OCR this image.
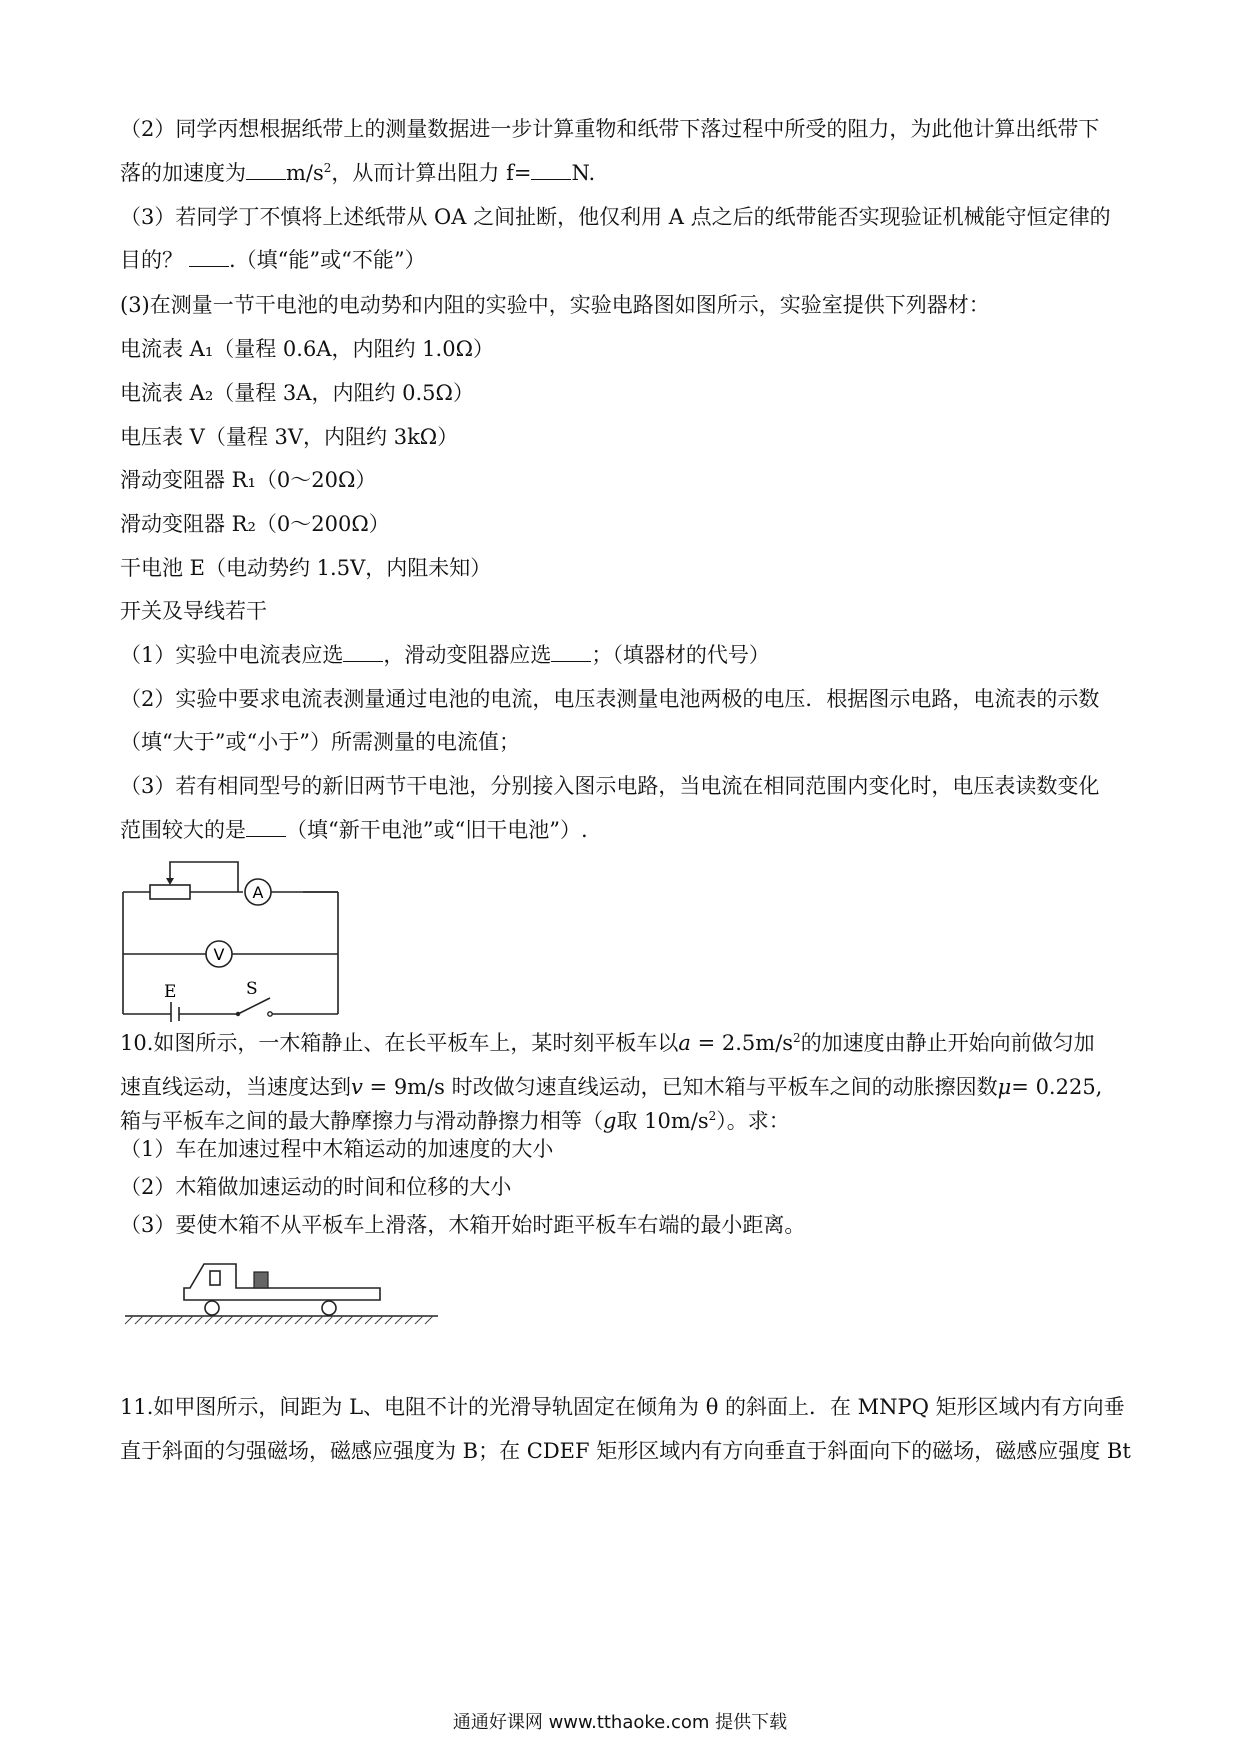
（2）同学丙想根据纸带上的测量数据进一步计算重物和纸带下落过程中所受的阻力，为此他计算出纸带下
落的加速度为 $m/s^2$，从而计算出阻力 f= N.
（3）若同学丁不慎将上述纸带从 OA 之间扯断，他仅利用 A 点之后的纸带能否实现验证机械能守恒定律的
目的？ .（填“能”或“不能”）
(3)在测量一节干电池的电动势和内阻的实验中，实验电路图如图所示，实验室提供下列器材：
电流表 A₁（量程 0.6A，内阻约 1.0Ω）
电流表 A₂（量程 3A，内阻约 0.5Ω）
电压表 V（量程 3V，内阻约 3kΩ）
滑动变阻器 R₁（0～20Ω）
滑动变阻器 R₂（0～200Ω）
干电池 E（电动势约 1.5V，内阻未知）
开关及导线若干
（1）实验中电流表应选 ，滑动变阻器应选 ；（填器材的代号）
（2）实验中要求电流表测量通过电池的电流，电压表测量电池两极的电压．根据图示电路，电流表的示数
（填“大于”或“小于”）所需测量的电流值；
（3）若有相同型号的新旧两节干电池，分别接入图示电路，当电流在相同范围内变化时，电压表读数变化
范围较大的是 （填“新干电池”或“旧干电池”）.
A
V
E	S
10.如图所示，一木箱静止、在长平板车上，某时刻平板车以$a = 2.5m/s^2$的加速度由静止开始向前做匀加
速直线运动，当速度达到v = 9m/s 时改做匀速直线运动，已知木箱与平板车之间的动胀擦因数μ= 0.225,
箱与平板车之间的最大静摩擦力与滑动静擦力相等（g取 $10m/s^2$）。求：
（1）车在加速过程中木箱运动的加速度的大小
（2）木箱做加速运动的时间和位移的大小
（3）要使木箱不从平板车上滑落，木箱开始时距平板车右端的最小距离。
11.如甲图所示，间距为 L、电阻不计的光滑导轨固定在倾角为 θ 的斜面上．在 MNPQ 矩形区域内有方向垂
直于斜面的匀强磁场，磁感应强度为 B；在 CDEF 矩形区域内有方向垂直于斜面向下的磁场，磁感应强度 Bt
通通好课网 www.tthaoke.com 提供下载
